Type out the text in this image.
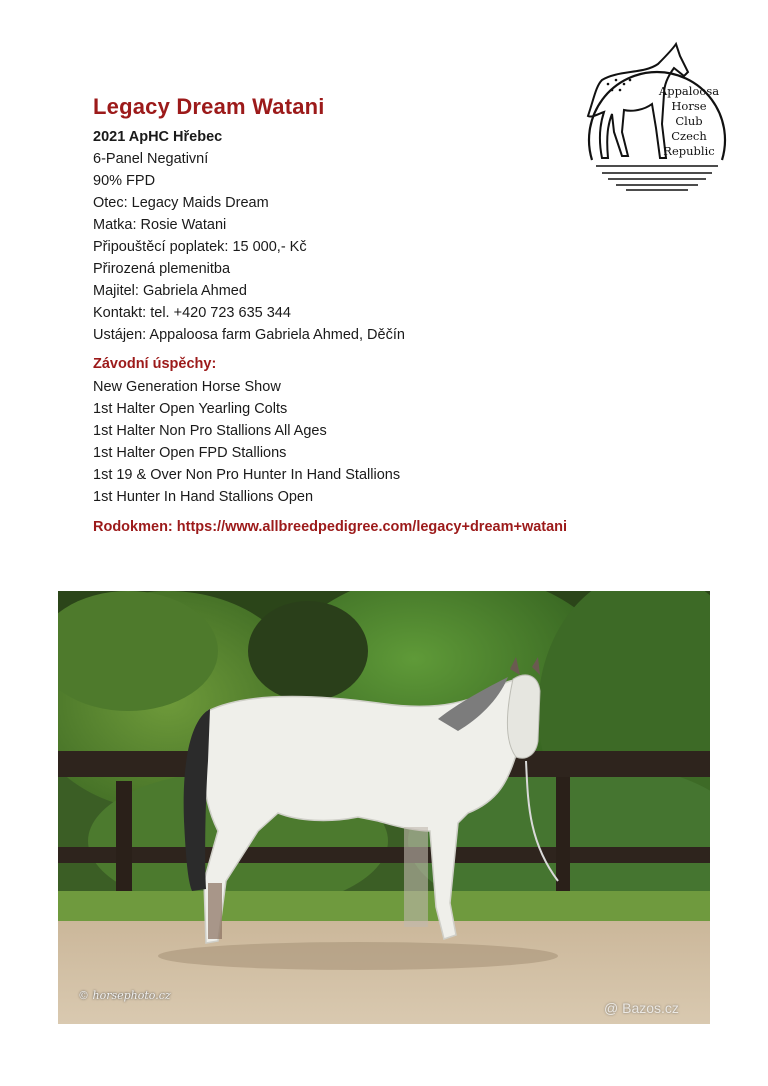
Legacy Dream Watani
2021 ApHC Hřebec
6-Panel Negativní
90% FPD
Otec: Legacy Maids Dream
Matka: Rosie Watani
Připouštěcí poplatek: 15 000,- Kč
Přirozená plemenitba
Majitel: Gabriela Ahmed
Kontakt: tel. +420 723 635 344
Ustájen: Appaloosa farm Gabriela Ahmed, Děčín
Závodní úspěchy:
New Generation Horse Show
1st Halter Open Yearling Colts
1st Halter Non Pro Stallions All Ages
1st Halter Open FPD Stallions
1st 19 & Over Non Pro Hunter In Hand Stallions
1st Hunter In Hand Stallions Open
Rodokmen: https://www.allbreedpedigree.com/legacy+dream+watani
Appaloosa
Horse
Club
Czech
Republic
© horsephoto.cz
@ Bazos.cz
